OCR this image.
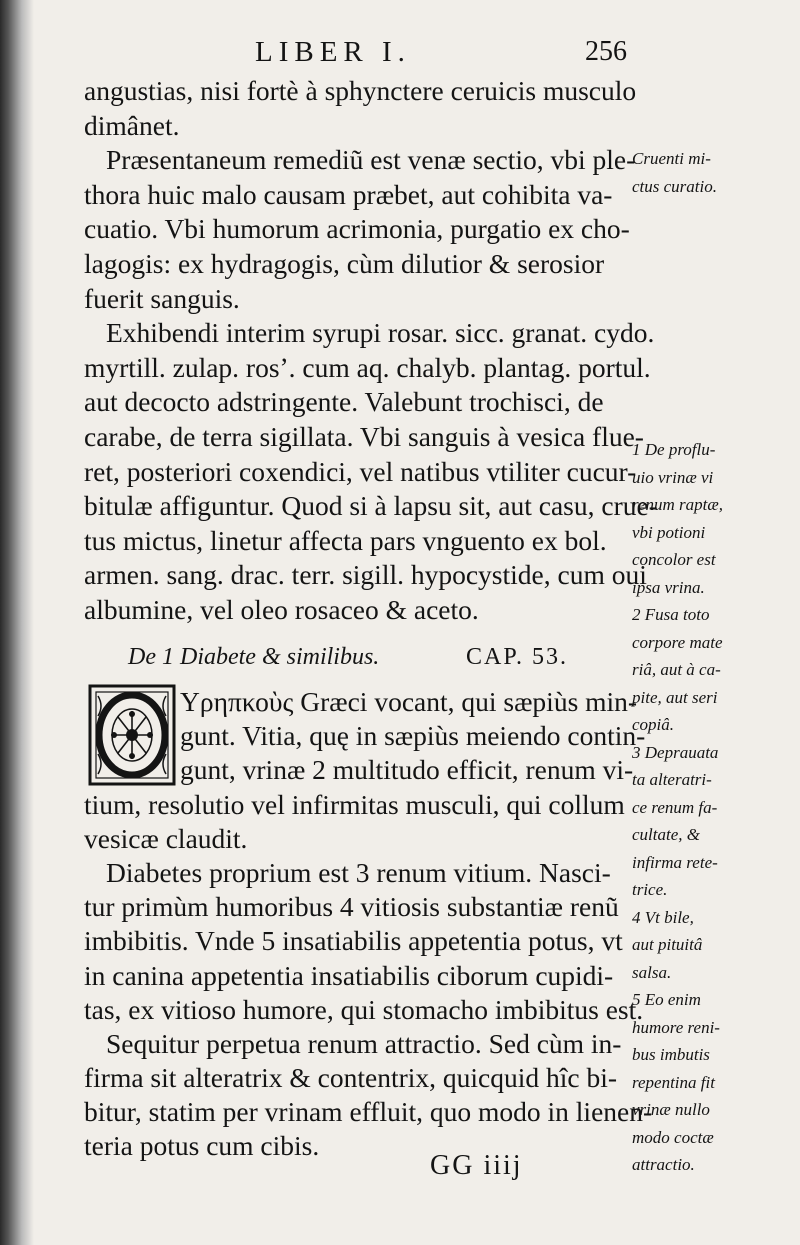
LIBER I.	256
angustias, nisi fortè à sphynctere ceruicis musculo
dimânet.
Præsentaneum remediũ est venæ sectio, vbi ple-
thora huic malo causam præbet, aut cohibita va-
cuatio. Vbi humorum acrimonia, purgatio ex cho-
lagogis: ex hydragogis, cùm dilutior & serosior
fuerit sanguis.
Exhibendi interim syrupi rosar. sicc. granat. cydo.
myrtill. zulap. rosʼ. cum aq. chalyb. plantag. portul.
aut decocto adstringente. Valebunt trochisci, de
carabe, de terra sigillata. Vbi sanguis à vesica flue-
ret, posteriori coxendici, vel natibus vtiliter cucur-
bitulæ affiguntur. Quod si à lapsu sit, aut casu, crue-
tus mictus, linetur affecta pars vnguento ex bol.
armen. sang. drac. terr. sigill. hypocystide, cum oui
albumine, vel oleo rosaceo & aceto.
De 1 Diabete & similibus.	CAP. 53.
Υρηπκοὺς Græci vocant, qui sæpiùs min-
gunt. Vitia, quę in sæpiùs meiendo contin-
gunt, vrinæ 2 multitudo efficit, renum vi-
tium, resolutio vel infirmitas musculi, qui collum
vesicæ claudit.
Diabetes proprium est 3 renum vitium. Nasci-
tur primùm humoribus 4 vitiosis substantiæ renũ
imbibitis. Vnde 5 insatiabilis appetentia potus, vt
in canina appetentia insatiabilis ciborum cupidi-
tas, ex vitioso humore, qui stomacho imbibitus est.
Sequitur perpetua renum attractio. Sed cùm in-
firma sit alteratrix & contentrix, quicquid hîc bi-
bitur, statim per vrinam effluit, quo modo in lienen-
teria potus cum cibis.
Cruenti mi-
ctus curatio.
1 De proflu-
uio vrinæ vi
renum raptæ,
vbi potioni
concolor est
ipsa vrina.
2 Fusa toto
corpore mate
riâ, aut à ca-
pite, aut seri
copiâ.
3 Deprauata
ta alteratri-
ce renum fa-
cultate, &
infirma rete-
trice.
4 Vt bile,
aut pituitâ
salsa.
5 Eo enim
humore reni-
bus imbutis
repentina fit
vrinæ nullo
modo coctæ
attractio.
GG iiij
